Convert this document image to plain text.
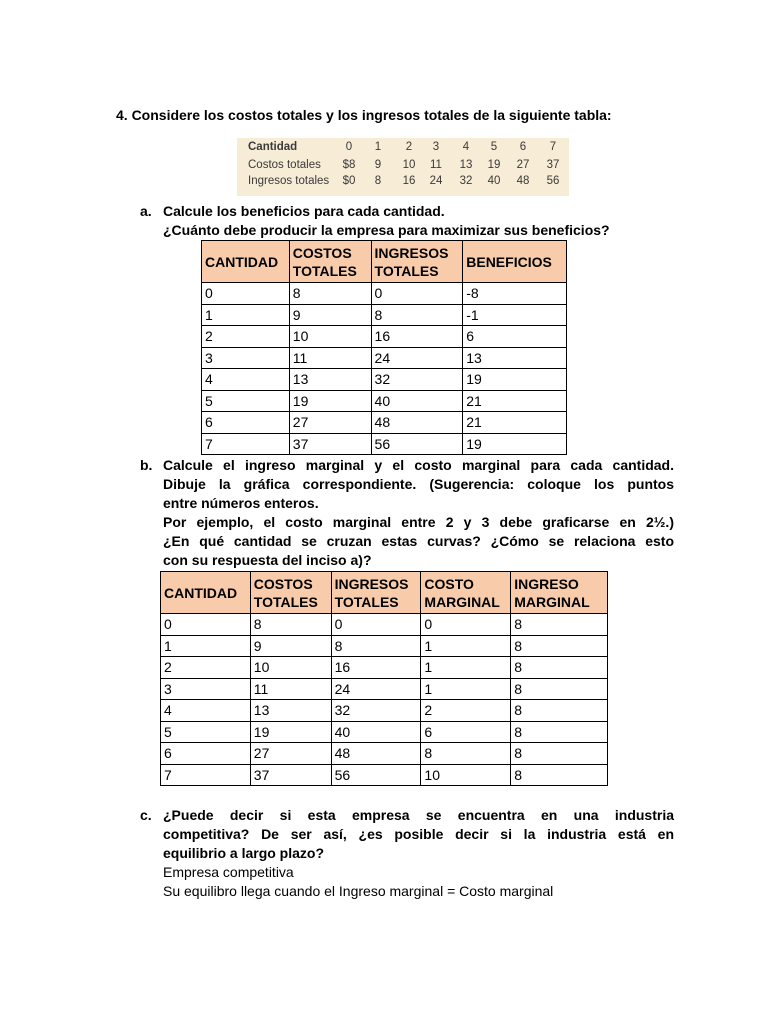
4. Considere los costos totales y los ingresos totales de la siguiente tabla:
Cantidad	0	1	2	3	4	5	6	7
Costos totales	$8	9	10	11	13	19	27	37
Ingresos totales	$0	8	16	24	32	40	48	56
a. Calcule los beneficios para cada cantidad.
¿Cuánto debe producir la empresa para maximizar sus beneficios?
CANTIDAD	COSTOS TOTALES	INGRESOS TOTALES	BENEFICIOS
0	8	0	-8
1	9	8	-1
2	10	16	6
3	11	24	13
4	13	32	19
5	19	40	21
6	27	48	21
7	37	56	19
b. Calcule el ingreso marginal y el costo marginal para cada cantidad.
Dibuje la gráfica correspondiente. (Sugerencia: coloque los puntos
entre números enteros.
Por ejemplo, el costo marginal entre 2 y 3 debe graficarse en 2½.)
¿En qué cantidad se cruzan estas curvas? ¿Cómo se relaciona esto
con su respuesta del inciso a)?
CANTIDAD	COSTOS TOTALES	INGRESOS TOTALES	COSTO MARGINAL	INGRESO MARGINAL
0	8	0	0	8
1	9	8	1	8
2	10	16	1	8
3	11	24	1	8
4	13	32	2	8
5	19	40	6	8
6	27	48	8	8
7	37	56	10	8
c. ¿Puede decir si esta empresa se encuentra en una industria
competitiva? De ser así, ¿es posible decir si la industria está en
equilibrio a largo plazo?
Empresa competitiva
Su equilibro llega cuando el Ingreso marginal = Costo marginal
